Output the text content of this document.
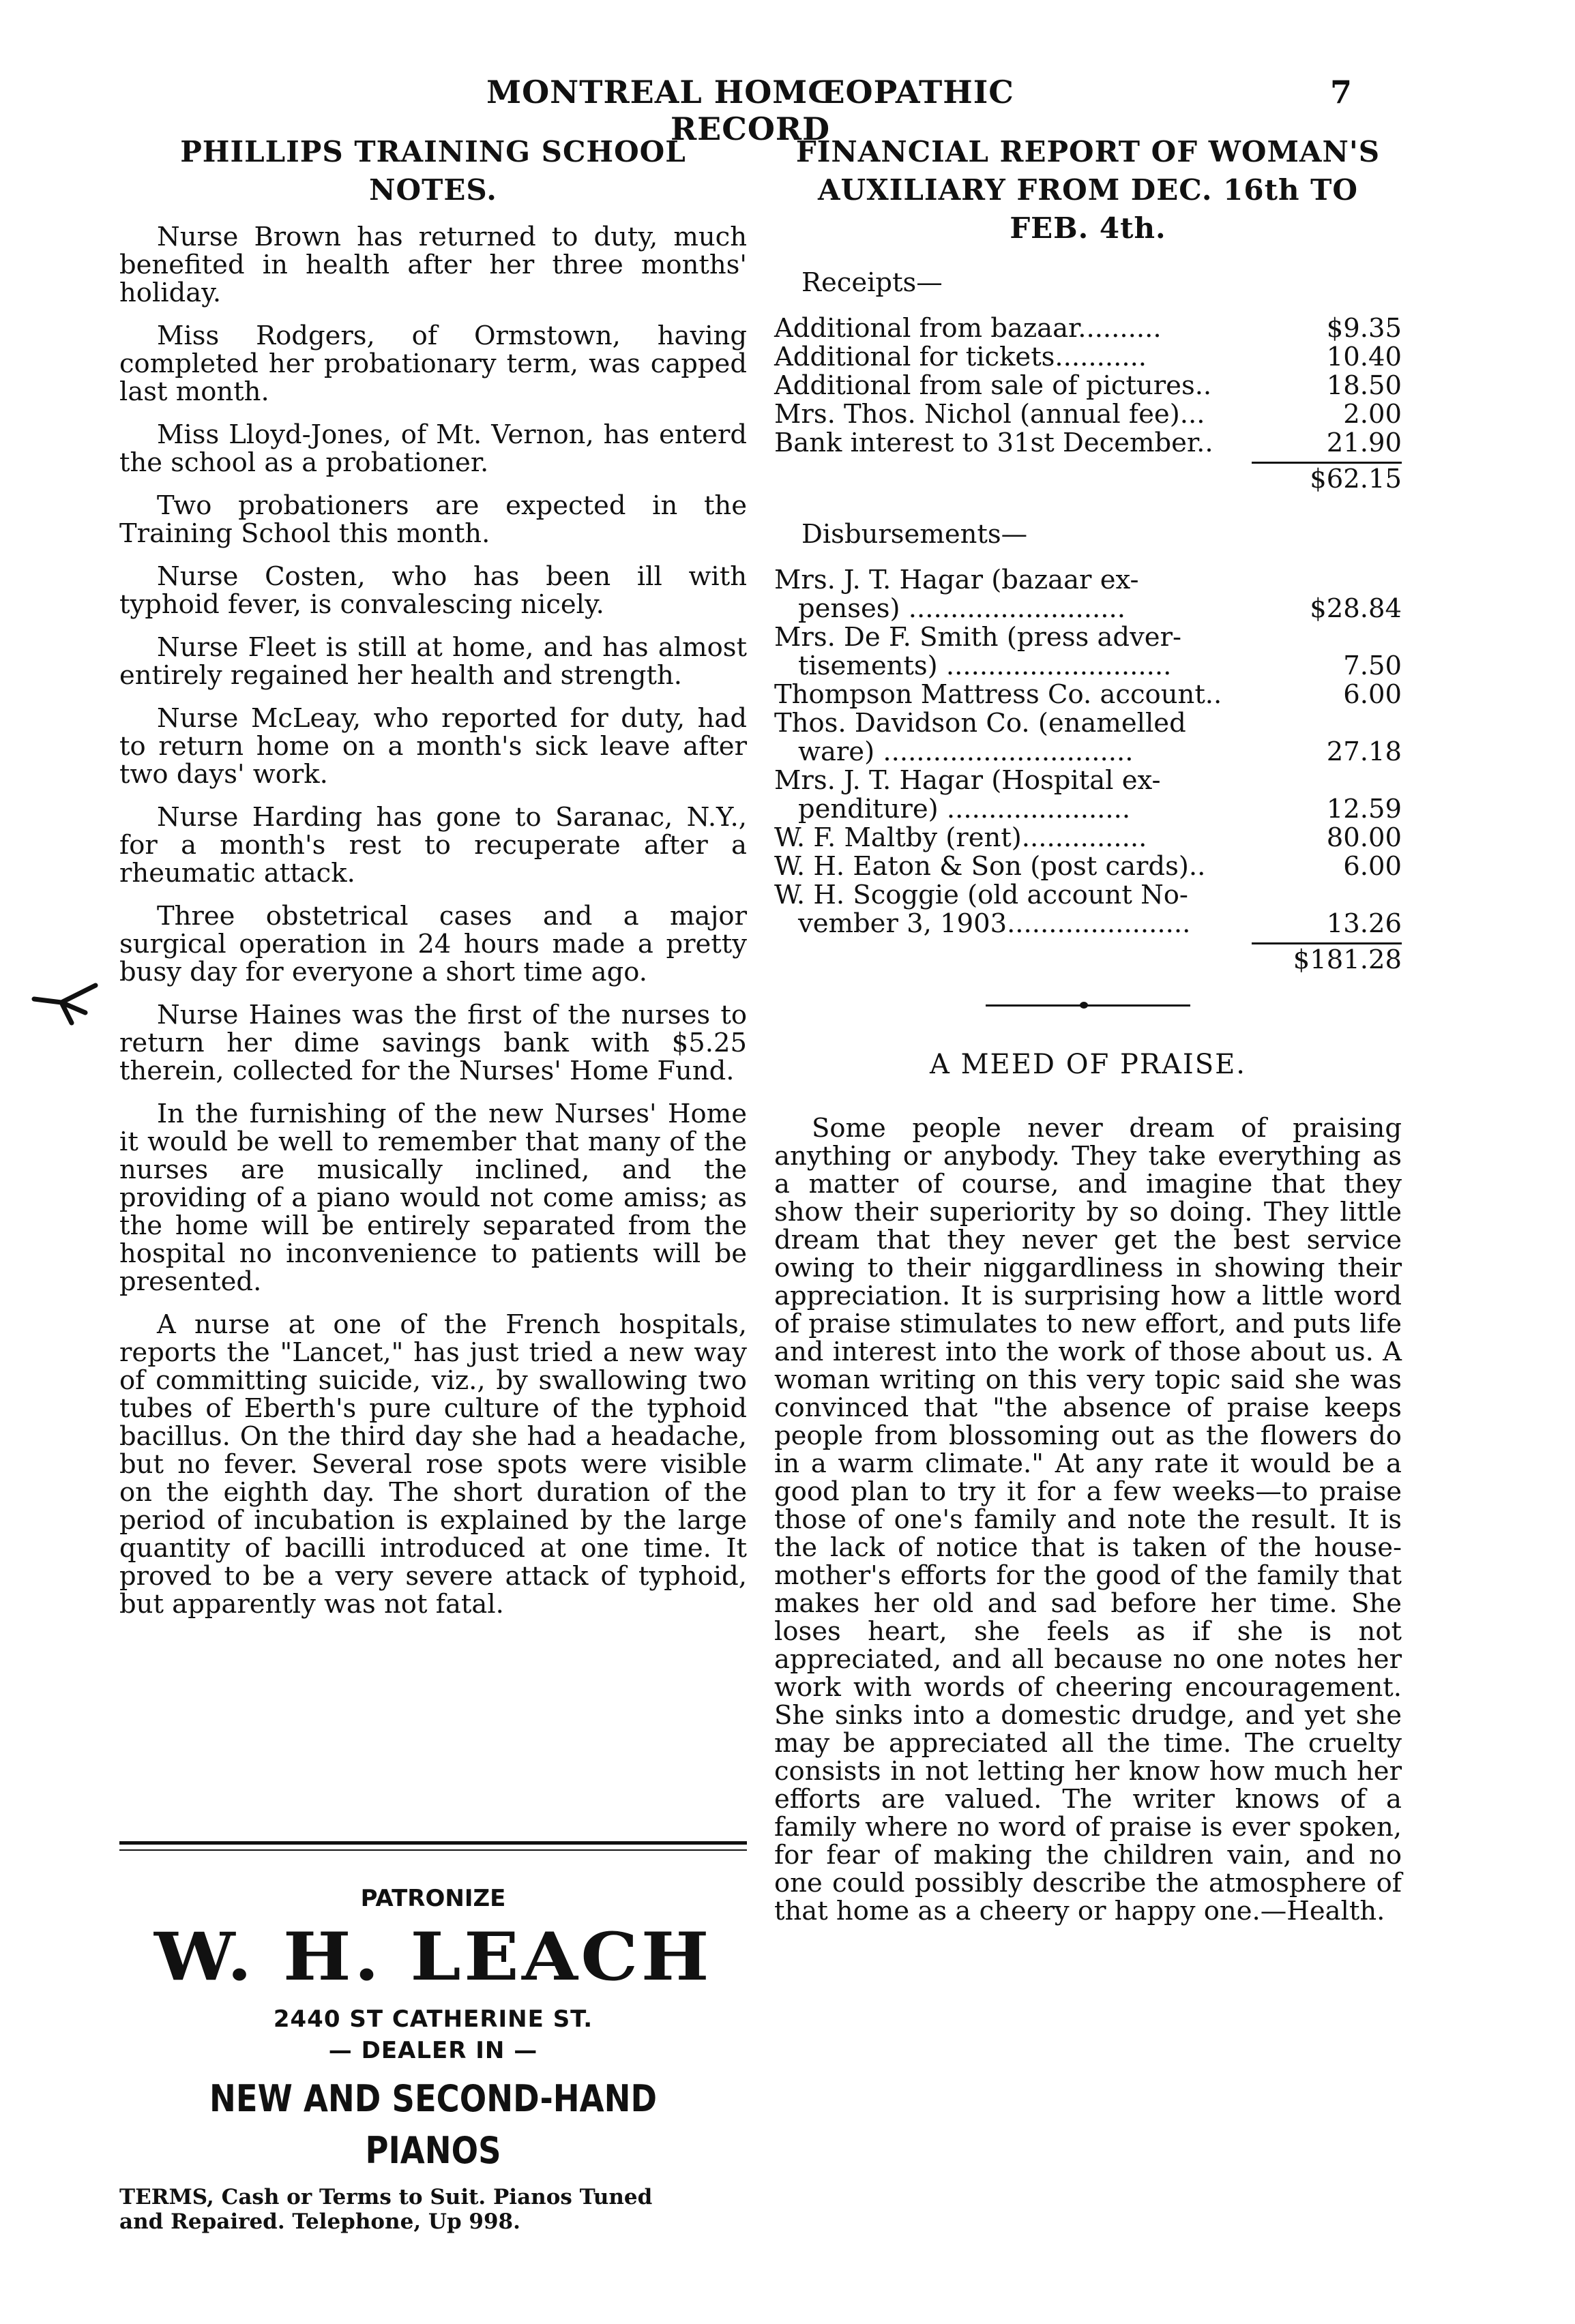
MONTREAL HOMŒOPATHIC RECORD
7
PHILLIPS TRAINING SCHOOL NOTES.

Nurse Brown has returned to duty, much benefited in health after her three months' holiday.

Miss Rodgers, of Ormstown, having completed her probationary term, was capped last month.

Miss Lloyd-Jones, of Mt. Vernon, has enterd the school as a probationer.

Two probationers are expected in the Training School this month.

Nurse Costen, who has been ill with typhoid fever, is convalescing nicely.

Nurse Fleet is still at home, and has almost entirely regained her health and strength.

Nurse McLeay, who reported for duty, had to return home on a month's sick leave after two days' work.

Nurse Harding has gone to Saranac, N.Y., for a month's rest to recuperate after a rheumatic attack.

Three obstetrical cases and a major surgical operation in 24 hours made a pretty busy day for everyone a short time ago.

Nurse Haines was the first of the nurses to return her dime savings bank with $5.25 therein, collected for the Nurses' Home Fund.

In the furnishing of the new Nurses' Home it would be well to remember that many of the nurses are musically inclined, and the providing of a piano would not come amiss; as the home will be entirely separated from the hospital no inconvenience to patients will be presented.

A nurse at one of the French hospitals, reports the "Lancet," has just tried a new way of committing suicide, viz., by swallowing two tubes of Eberth's pure culture of the typhoid bacillus. On the third day she had a headache, but no fever. Several rose spots were visible on the eighth day. The short duration of the period of incubation is explained by the large quantity of bacilli introduced at one time. It proved to be a very severe attack of typhoid, but apparently was not fatal.

PATRONIZE
W. H. LEACH
2440 ST CATHERINE ST.
— DEALER IN —
NEW AND SECOND-HAND PIANOS
TERMS, Cash or Terms to Suit. Pianos Tuned
and Repaired. Telephone, Up 998.
FINANCIAL REPORT OF WOMAN'S AUXILIARY FROM DEC. 16th TO FEB. 4th.
Receipts—
Additional from bazaar..........	$9.35
Additional for tickets...........	10.40
Additional from sale of pictures..	18.50
Mrs. Thos. Nichol (annual fee)...	2.00
Bank interest to 31st December..	21.90
$62.15
Disbursements—
Mrs. J. T. Hagar (bazaar ex-
penses) ..........................	$28.84
Mrs. De F. Smith (press adver-
tisements) ...........................	7.50
Thompson Mattress Co. account..	6.00
Thos. Davidson Co. (enamelled
ware) ..............................	27.18
Mrs. J. T. Hagar (Hospital ex-
penditure) ......................	12.59
W. F. Maltby (rent)...............	80.00
W. H. Eaton & Son (post cards)..	6.00
W. H. Scoggie (old account No-
vember 3, 1903......................	13.26
$181.28
A MEED OF PRAISE.

Some people never dream of praising anything or anybody. They take everything as a matter of course, and imagine that they show their superiority by so doing. They little dream that they never get the best service owing to their niggardliness in showing their appreciation. It is surprising how a little word of praise stimulates to new effort, and puts life and interest into the work of those about us. A woman writing on this very topic said she was convinced that "the absence of praise keeps people from blossoming out as the flowers do in a warm climate." At any rate it would be a good plan to try it for a few weeks—to praise those of one's family and note the result. It is the lack of notice that is taken of the house-mother's efforts for the good of the family that makes her old and sad before her time. She loses heart, she feels as if she is not appreciated, and all because no one notes her work with words of cheering encouragement. She sinks into a domestic drudge, and yet she may be appreciated all the time. The cruelty consists in not letting her know how much her efforts are valued. The writer knows of a family where no word of praise is ever spoken, for fear of making the children vain, and no one could possibly describe the atmosphere of that home as a cheery or happy one.—Health.
